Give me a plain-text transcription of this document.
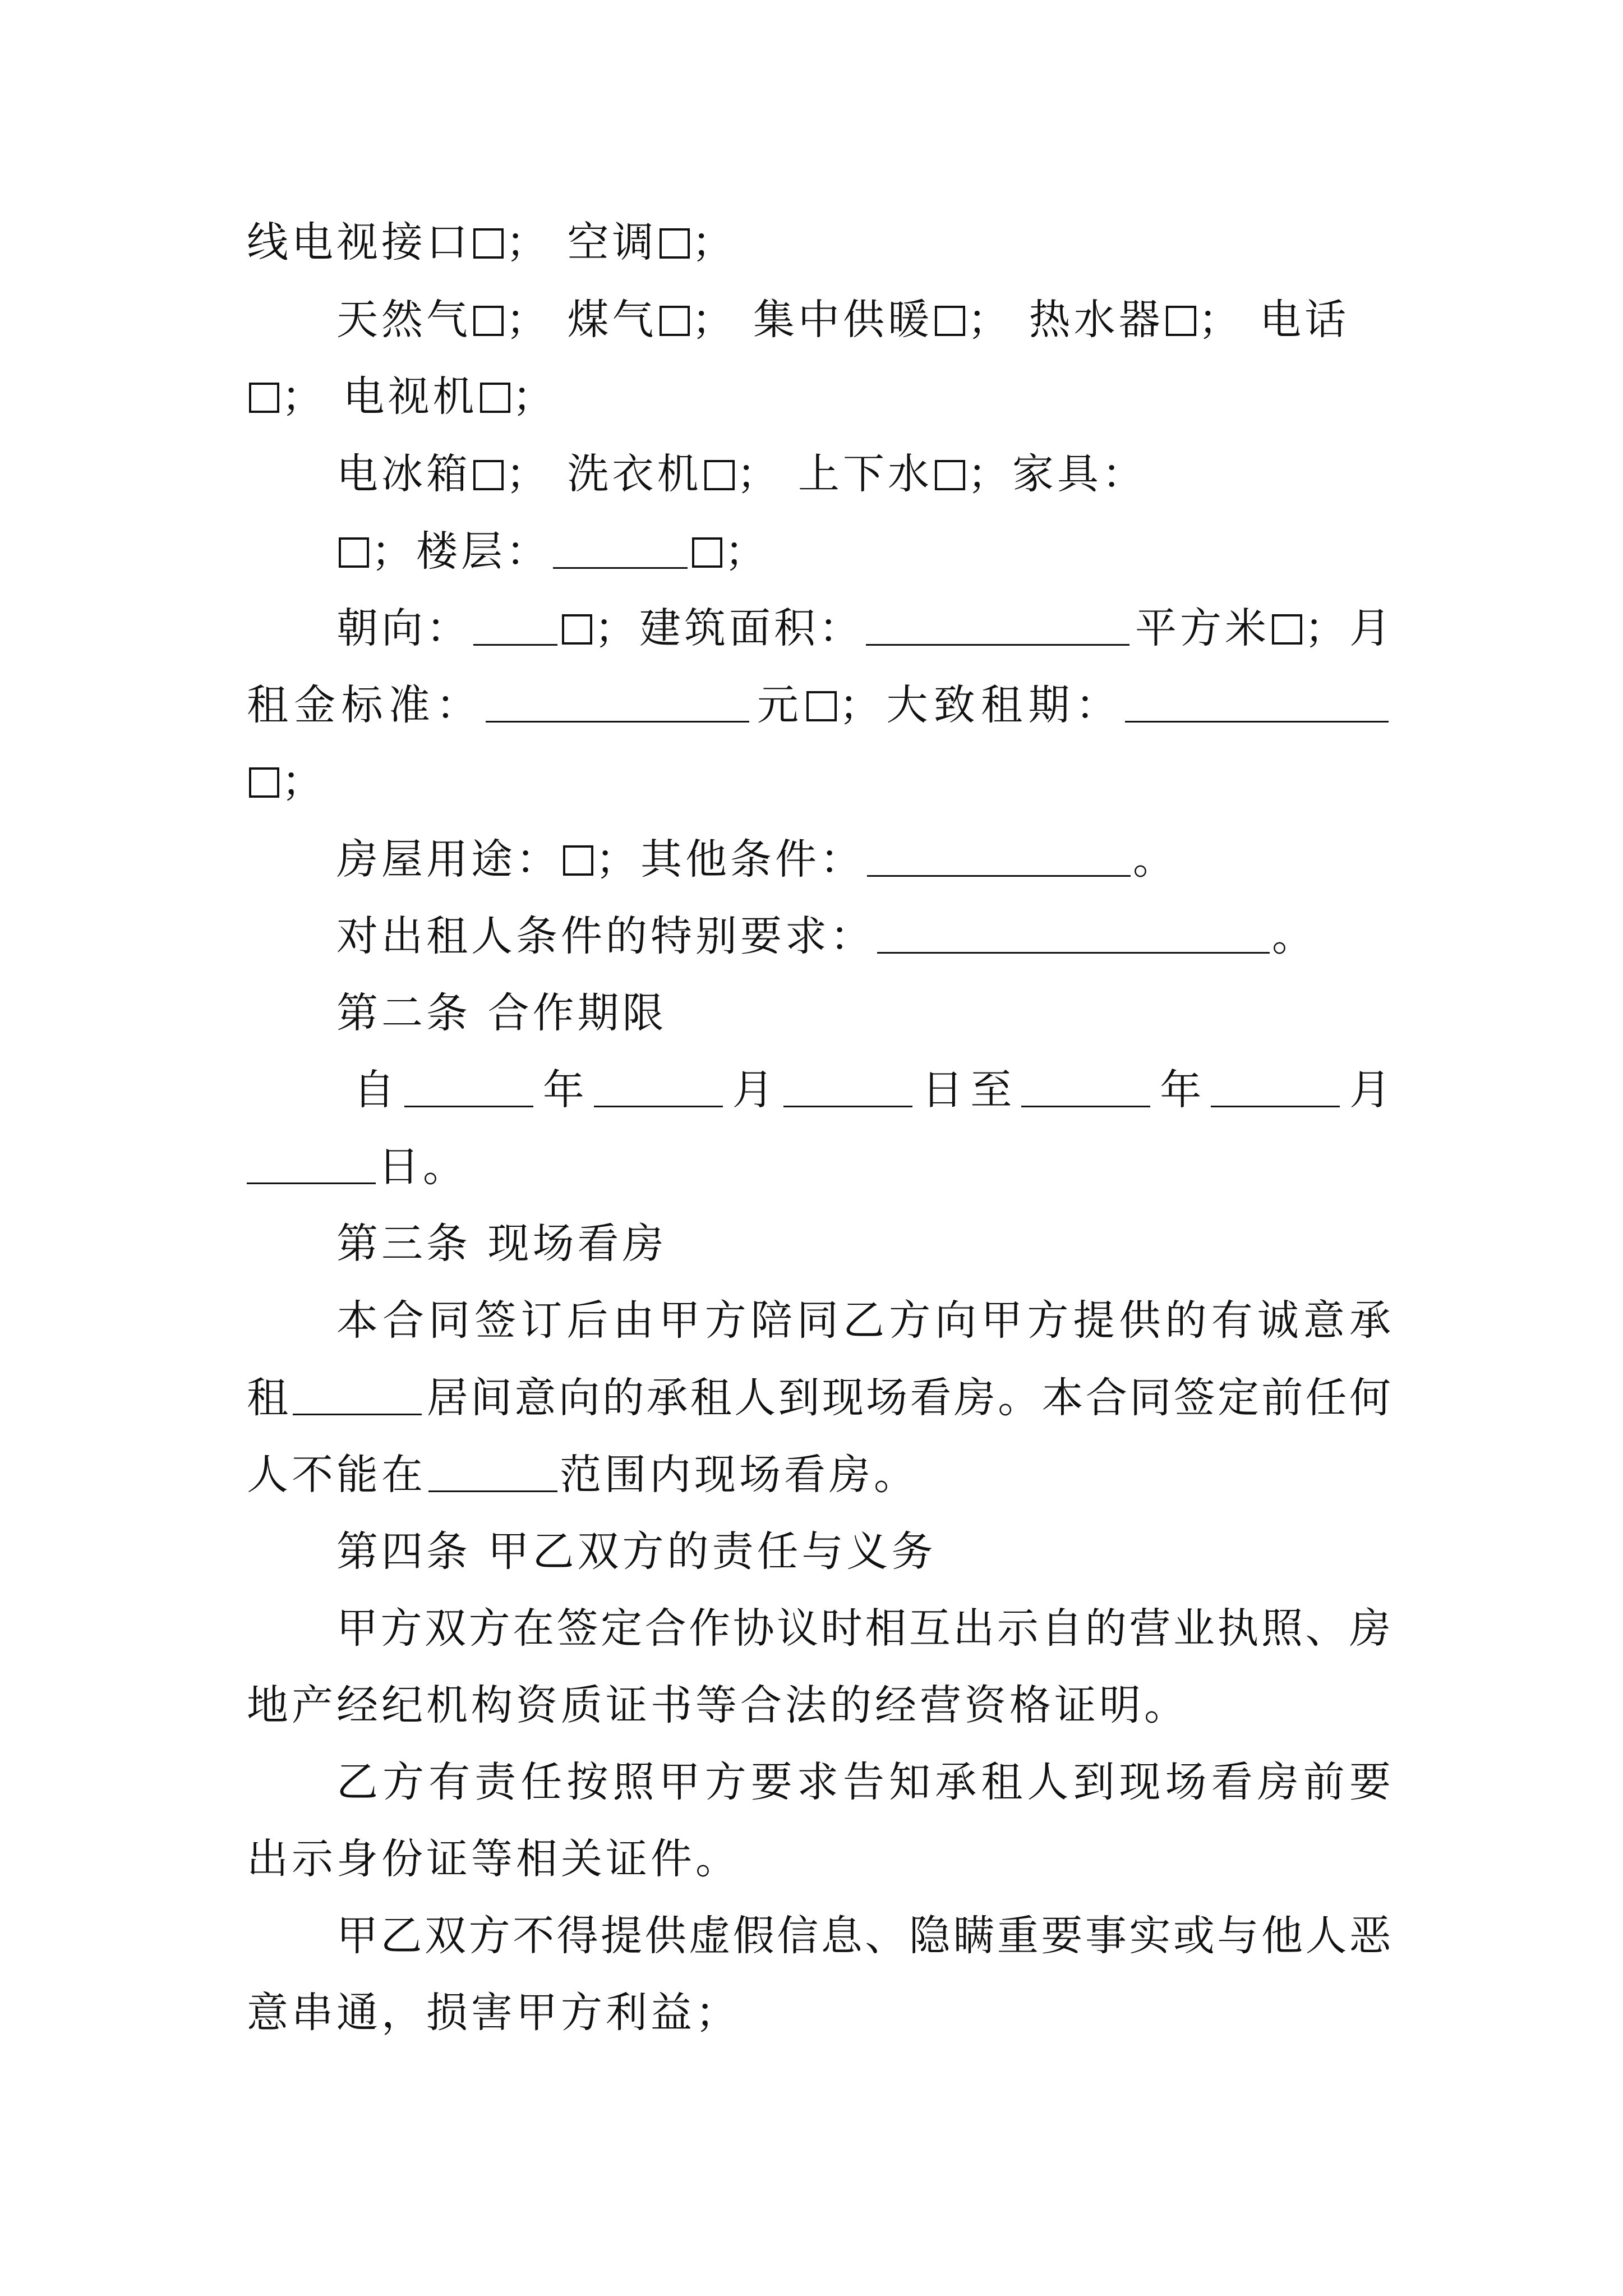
线电视接口 ； 空调 ；
天然气 ； 煤气 ； 集中供暖 ； 热水器 ； 电话
； 电视机 ；
电冰箱 ； 洗衣机 ； 上下水 ；家具：
；楼层：	；
朝向：	；建筑面积：	平方米 ；月
租金标准：	元 ；大致租期：
；
房屋用途： ；其他条件：	。
对出租人条件的特别要求：	。
第二条 合作期限
自	年	月	日至	年	月
日。
第三条 现场看房
本合同签订后由甲方陪同乙方向甲方提供的有诚意承
租	居间意向的承租人到现场看房。本合同签定前任何
人不能在	范围内现场看房。
第四条 甲乙双方的责任与义务
甲方双方在签定合作协议时相互出示自的营业执照、房
地产经纪机构资质证书等合法的经营资格证明。
乙方有责任按照甲方要求告知承租人到现场看房前要
出示身份证等相关证件。
甲乙双方不得提供虚假信息、隐瞒重要事实或与他人恶
意串通，损害甲方利益；
